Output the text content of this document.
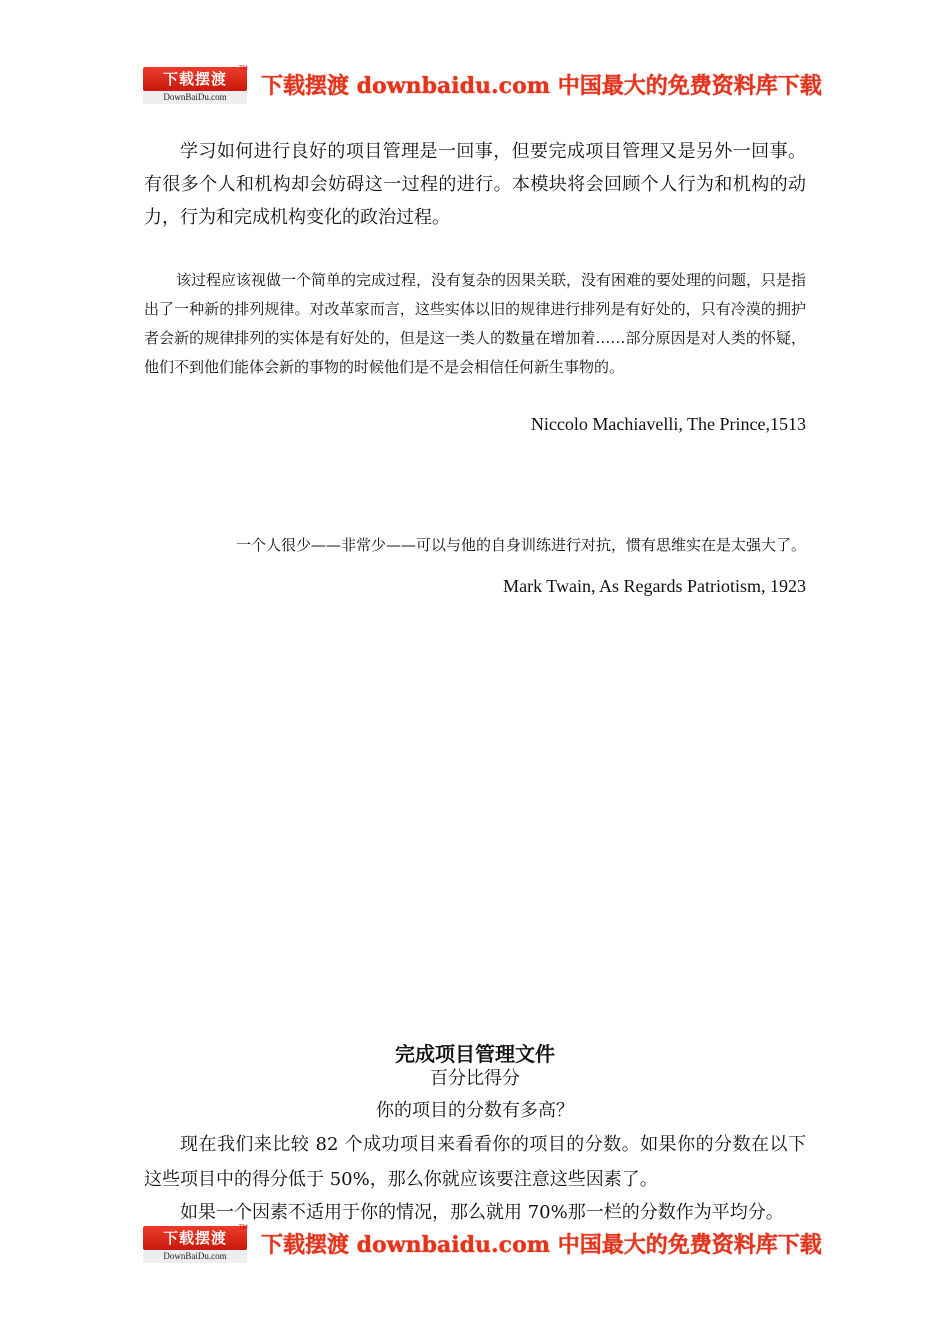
下载摆渡
DownBaiDu.com
TM
下载摆渡 downbaidu.com 中国最大的免费资料库下载
学习如何进行良好的项目管理是一回事，但要完成项目管理又是另外一回事。有很多个人和机构却会妨碍这一过程的进行。本模块将会回顾个人行为和机构的动力，行为和完成机构变化的政治过程。
该过程应该视做一个简单的完成过程，没有复杂的因果关联，没有困难的要处理的问题，只是指出了一种新的排列规律。对改革家而言，这些实体以旧的规律进行排列是有好处的，只有冷漠的拥护者会新的规律排列的实体是有好处的，但是这一类人的数量在增加着……部分原因是对人类的怀疑，他们不到他们能体会新的事物的时候他们是不是会相信任何新生事物的。
Niccolo Machiavelli, The Prince,1513
一个人很少——非常少——可以与他的自身训练进行对抗，惯有思维实在是太强大了。
Mark Twain, As Regards Patriotism, 1923
完成项目管理文件
百分比得分
你的项目的分数有多高？
现在我们来比较 82 个成功项目来看看你的项目的分数。如果你的分数在以下这些项目中的得分低于 50%，那么你就应该要注意这些因素了。
如果一个因素不适用于你的情况，那么就用 70%那一栏的分数作为平均分。
下载摆渡
DownBaiDu.com
TM
下载摆渡 downbaidu.com 中国最大的免费资料库下载
